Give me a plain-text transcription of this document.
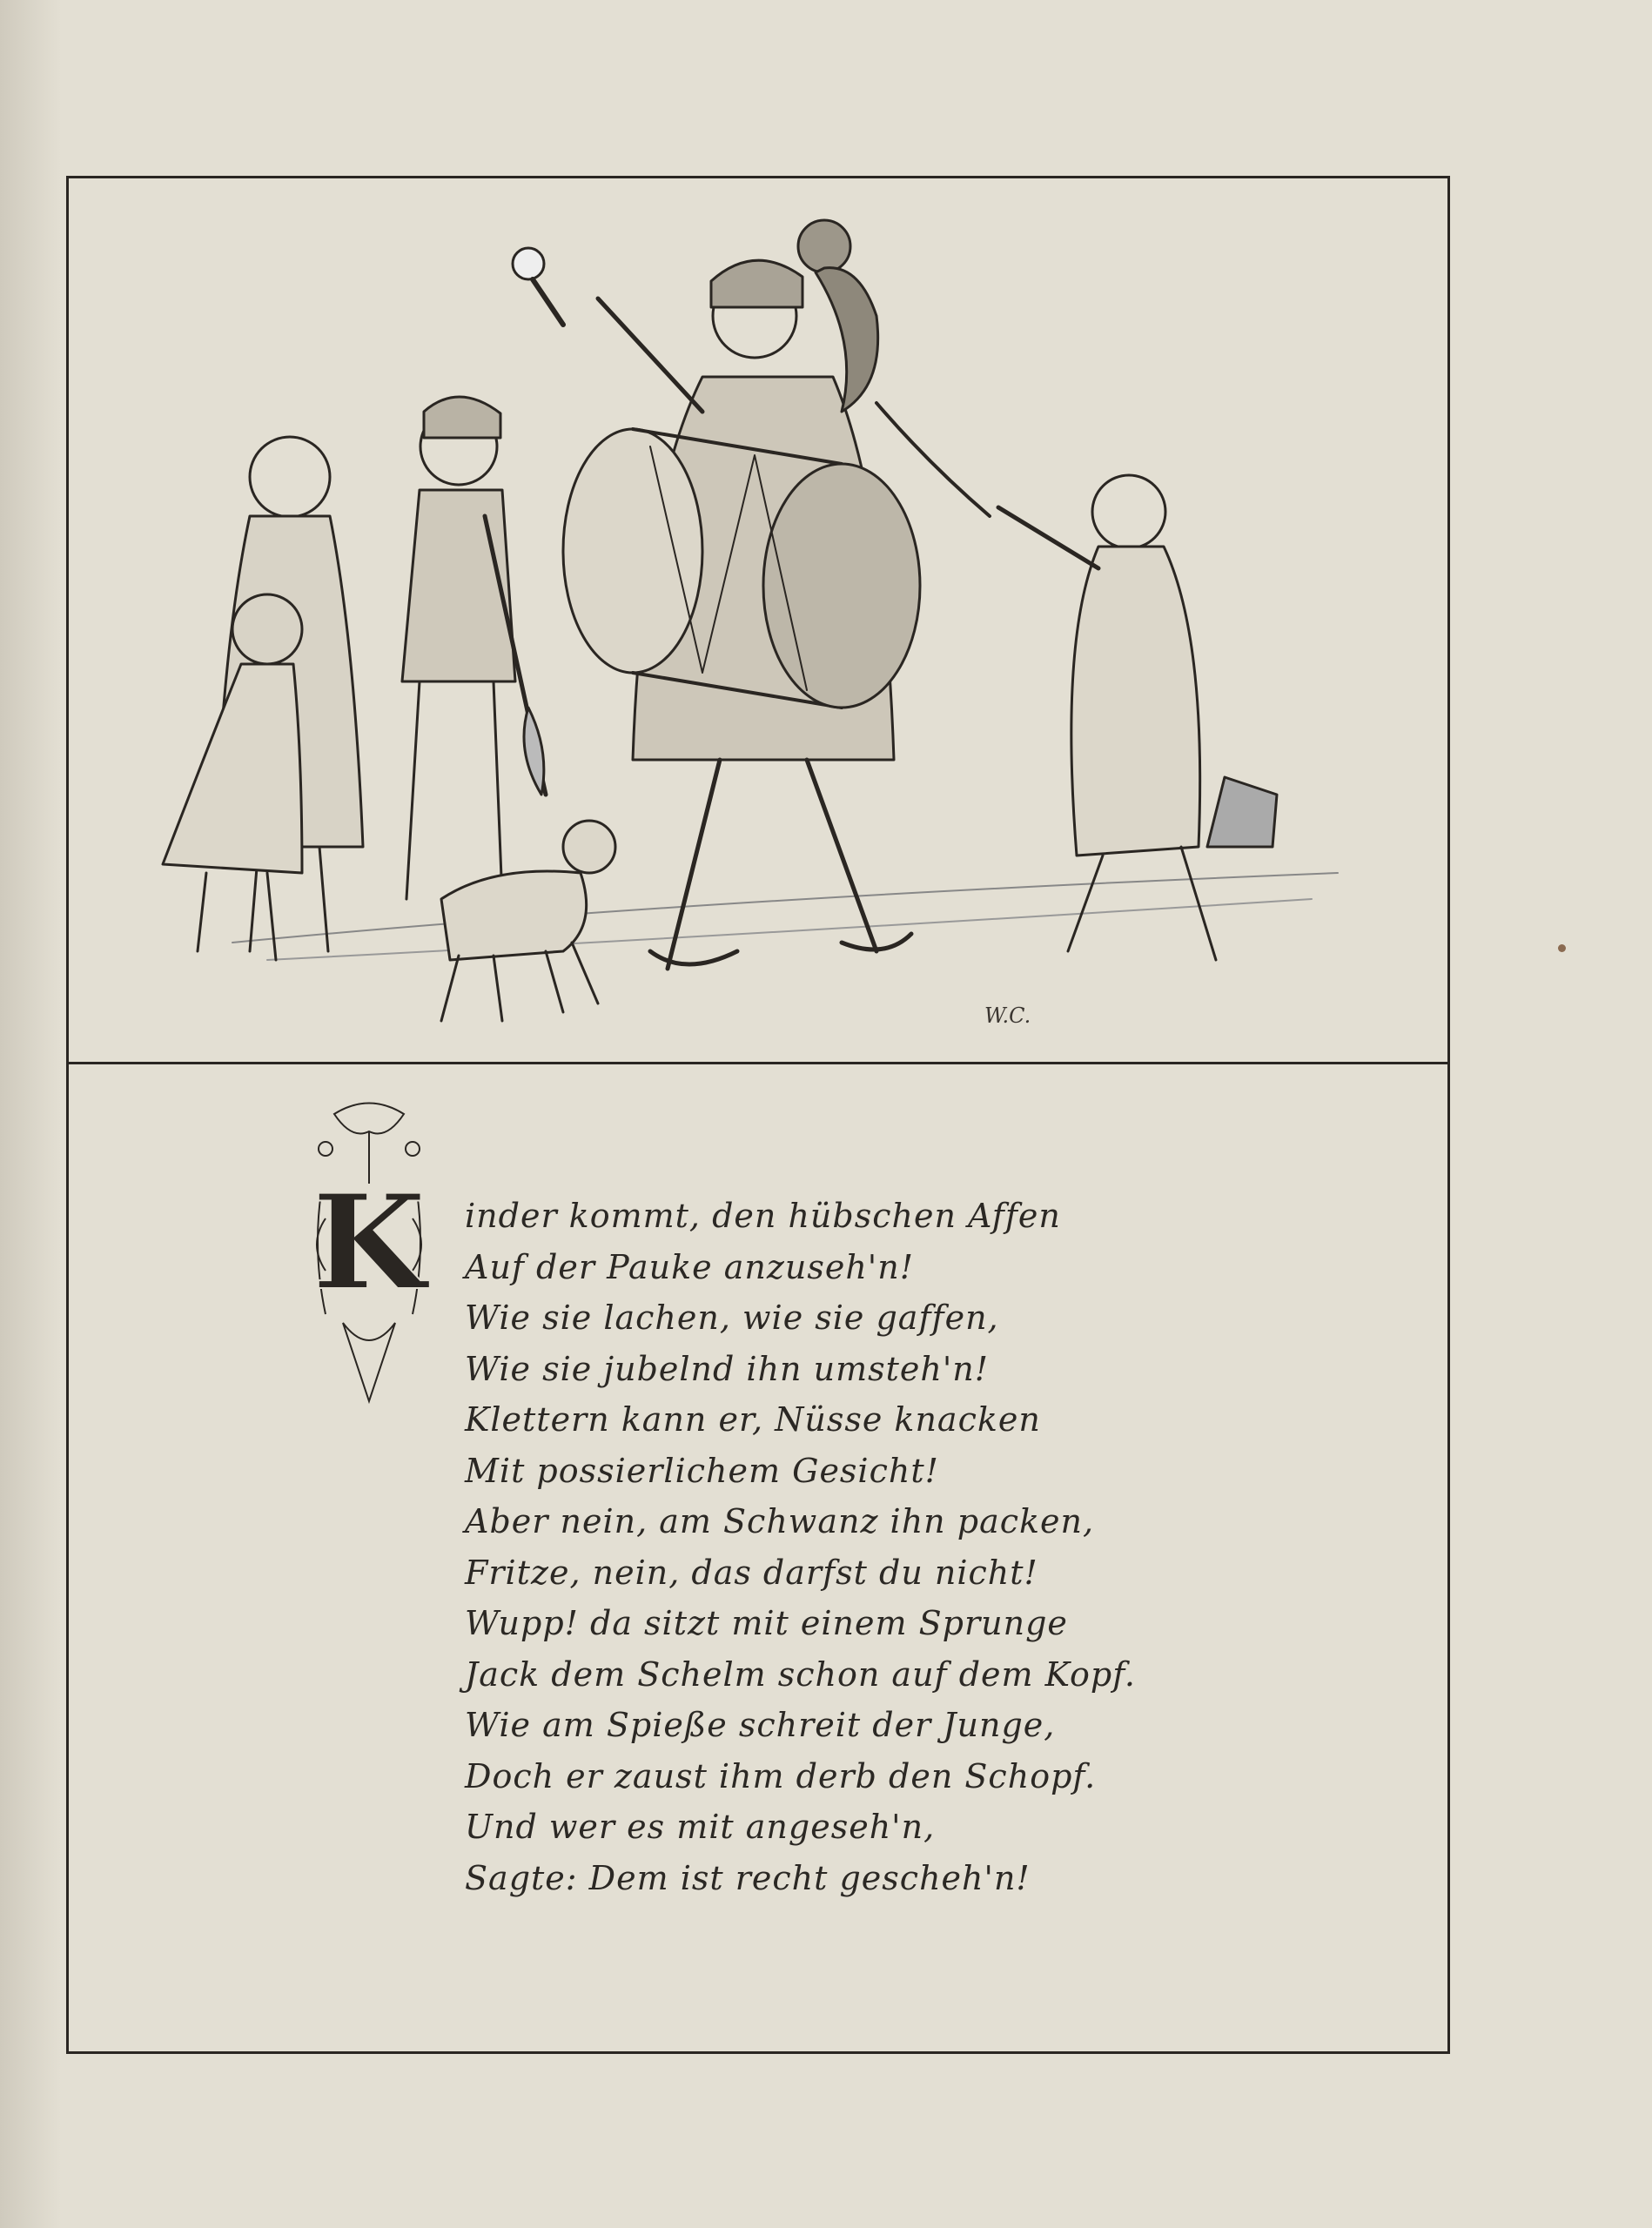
W.C.
K inder kommt, den hübschen Affen
Auf der Pauke anzuseh'n!
Wie sie lachen, wie sie gaffen,
Wie sie jubelnd ihn umsteh'n!
Klettern kann er, Nüsse knacken
Mit possierlichem Gesicht!
Aber nein, am Schwanz ihn packen,
Fritze, nein, das darfst du nicht!
Wupp! da sitzt mit einem Sprunge
Jack dem Schelm schon auf dem Kopf.
Wie am Spieße schreit der Junge,
Doch er zaust ihm derb den Schopf.
Und wer es mit angeseh'n,
Sagte: Dem ist recht gescheh'n!
